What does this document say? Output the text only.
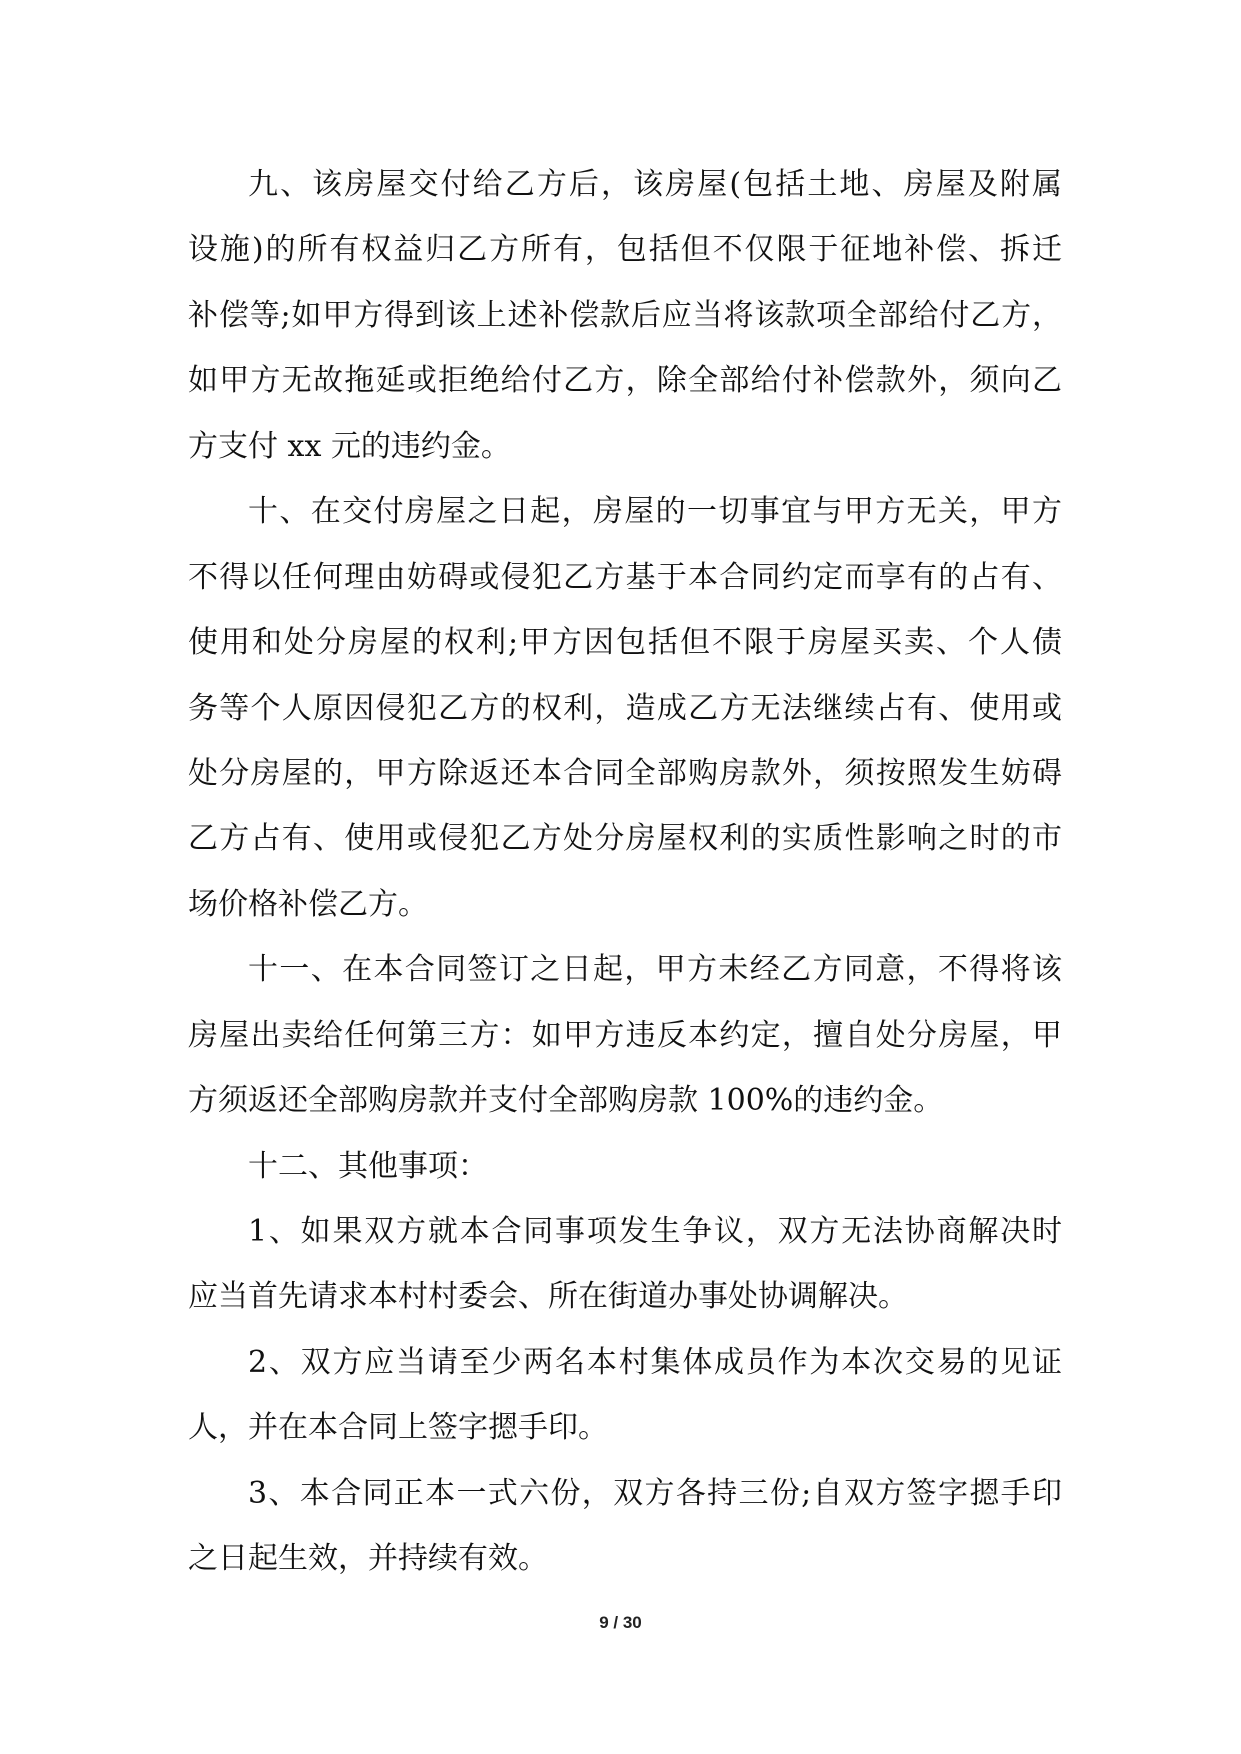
九、该房屋交付给乙方后，该房屋(包括土地、房屋及附属
设施)的所有权益归乙方所有，包括但不仅限于征地补偿、拆迁
补偿等;如甲方得到该上述补偿款后应当将该款项全部给付乙方，
如甲方无故拖延或拒绝给付乙方，除全部给付补偿款外，须向乙
方支付 xx 元的违约金。
十、在交付房屋之日起，房屋的一切事宜与甲方无关，甲方
不得以任何理由妨碍或侵犯乙方基于本合同约定而享有的占有、
使用和处分房屋的权利;甲方因包括但不限于房屋买卖、个人债
务等个人原因侵犯乙方的权利，造成乙方无法继续占有、使用或
处分房屋的，甲方除返还本合同全部购房款外，须按照发生妨碍
乙方占有、使用或侵犯乙方处分房屋权利的实质性影响之时的市
场价格补偿乙方。
十一、在本合同签订之日起，甲方未经乙方同意，不得将该
房屋出卖给任何第三方：如甲方违反本约定，擅自处分房屋，甲
方须返还全部购房款并支付全部购房款 100%的违约金。
十二、其他事项：
1、如果双方就本合同事项发生争议，双方无法协商解决时
应当首先请求本村村委会、所在街道办事处协调解决。
2、双方应当请至少两名本村集体成员作为本次交易的见证
人，并在本合同上签字摁手印。
3、本合同正本一式六份，双方各持三份;自双方签字摁手印
之日起生效，并持续有效。
9 / 30
